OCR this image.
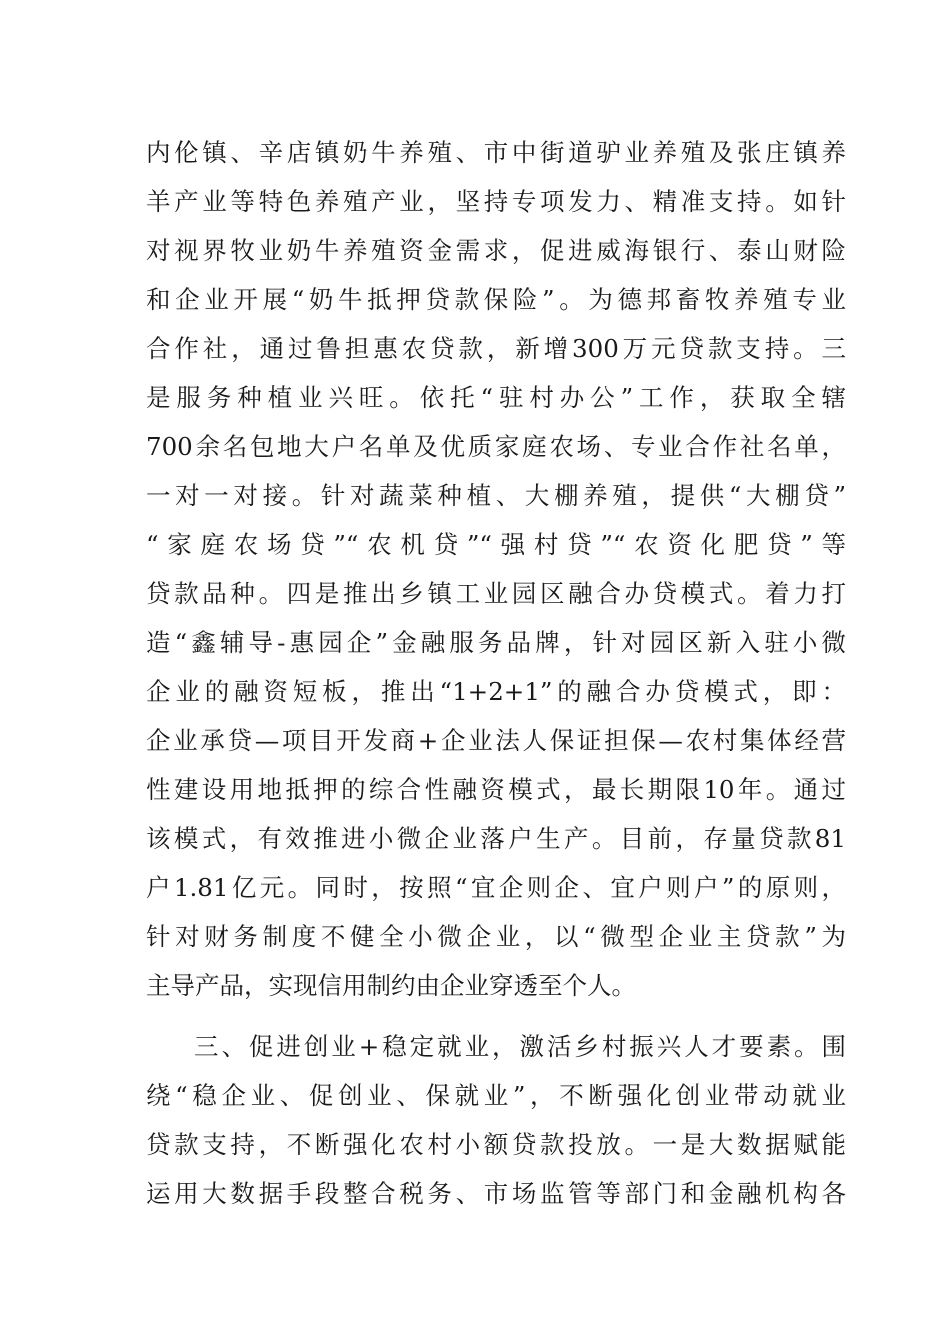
内伦镇、辛店镇奶牛养殖、市中街道驴业养殖及张庄镇养
羊产业等特色养殖产业，坚持专项发力、精准支持。如针
对视界牧业奶牛养殖资金需求，促进威海银行、泰山财险
和企业开展“奶牛抵押贷款保险”。为德邦畜牧养殖专业
合作社，通过鲁担惠农贷款，新增300万元贷款支持。三
是服务种植业兴旺。依托“驻村办公”工作，获取全辖
700余名包地大户名单及优质家庭农场、专业合作社名单，
一对一对接。针对蔬菜种植、大棚养殖，提供“大棚贷”
“家庭农场贷”“农机贷”“强村贷”“农资化肥贷”等
贷款品种。四是推出乡镇工业园区融合办贷模式。着力打
造“鑫辅导-惠园企”金融服务品牌，针对园区新入驻小微
企业的融资短板，推出“1+2+1”的融合办贷模式，即：
企业承贷—项目开发商+企业法人保证担保—农村集体经营
性建设用地抵押的综合性融资模式，最长期限10年。通过
该模式，有效推进小微企业落户生产。目前，存量贷款81
户1.81亿元。同时，按照“宜企则企、宜户则户”的原则，
针对财务制度不健全小微企业，以“微型企业主贷款”为
主导产品，实现信用制约由企业穿透至个人。
三、促进创业+稳定就业，激活乡村振兴人才要素。围
绕“稳企业、促创业、保就业”，不断强化创业带动就业
贷款支持，不断强化农村小额贷款投放。一是大数据赋能
运用大数据手段整合税务、市场监管等部门和金融机构各
